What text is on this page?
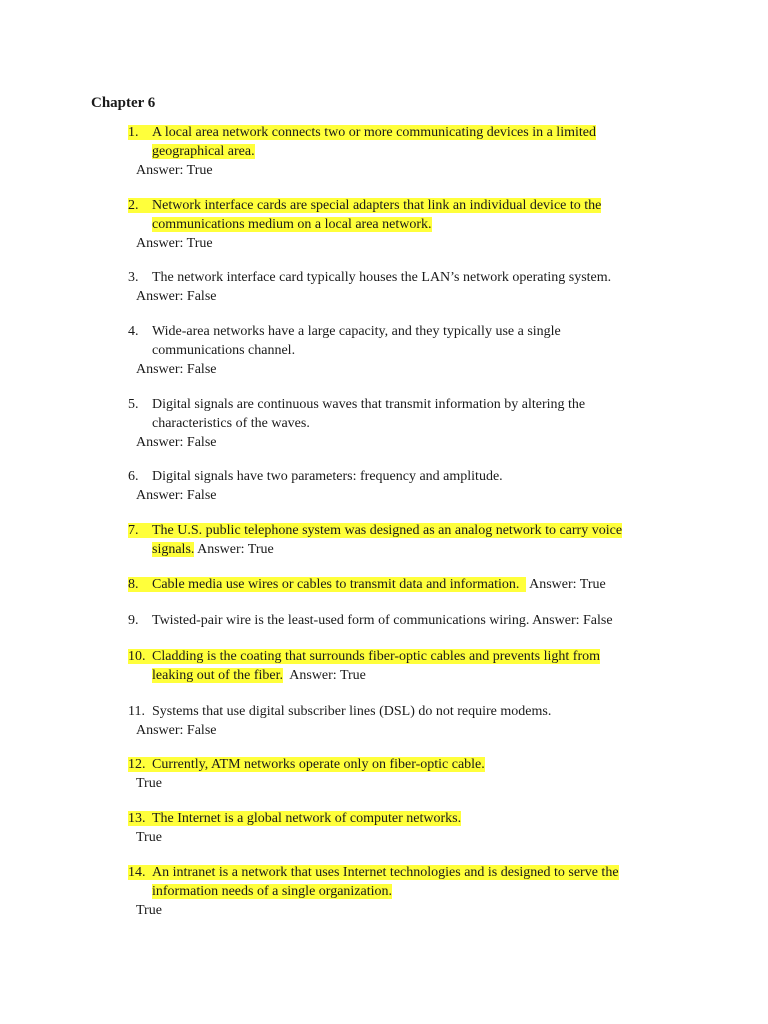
Chapter 6
1. A local area network connects two or more communicating devices in a limited
geographical area.
Answer: True
2. Network interface cards are special adapters that link an individual device to the
communications medium on a local area network.
Answer: True
3. The network interface card typically houses the LAN’s network operating system.
Answer: False
4. Wide-area networks have a large capacity, and they typically use a single
communications channel.
Answer: False
5. Digital signals are continuous waves that transmit information by altering the
characteristics of the waves.
Answer: False
6. Digital signals have two parameters: frequency and amplitude.
Answer: False
7. The U.S. public telephone system was designed as an analog network to carry voice
signals. Answer: True
8. Cable media use wires or cables to transmit data and information. Answer: True
9. Twisted-pair wire is the least-used form of communications wiring. Answer: False
10. Cladding is the coating that surrounds fiber-optic cables and prevents light from
leaking out of the fiber. Answer: True
11. Systems that use digital subscriber lines (DSL) do not require modems.
Answer: False
12. Currently, ATM networks operate only on fiber-optic cable.
True
13. The Internet is a global network of computer networks.
True
14. An intranet is a network that uses Internet technologies and is designed to serve the
information needs of a single organization.
True
